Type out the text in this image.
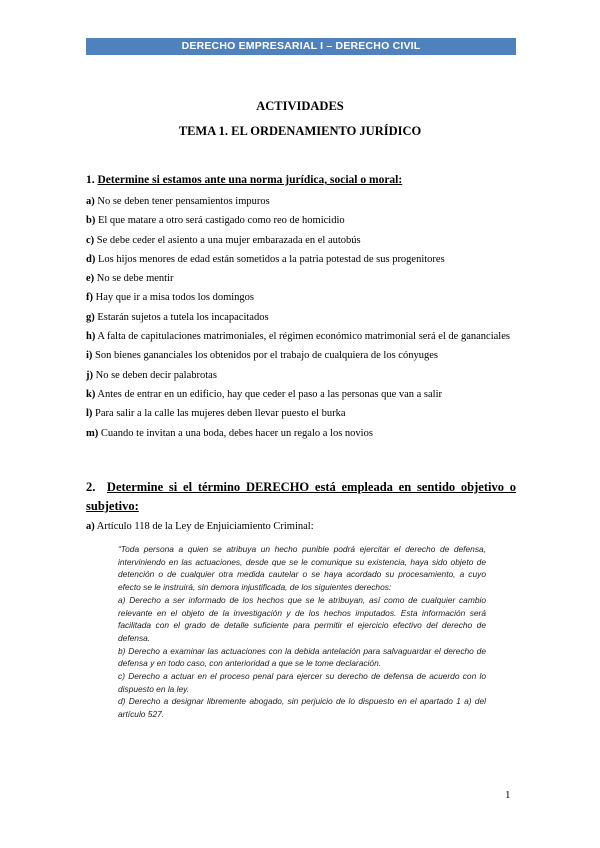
DERECHO EMPRESARIAL I – DERECHO CIVIL
ACTIVIDADES
TEMA 1. EL ORDENAMIENTO JURÍDICO
1. Determine si estamos ante una norma jurídica, social o moral:
a) No se deben tener pensamientos impuros
b) El que matare a otro será castigado como reo de homicidio
c) Se debe ceder el asiento a una mujer embarazada en el autobús
d) Los hijos menores de edad están sometidos a la patria potestad de sus progenitores
e) No se debe mentir
f) Hay que ir a misa todos los domingos
g) Estarán sujetos a tutela los incapacitados
h) A falta de capitulaciones matrimoniales, el régimen económico matrimonial será el de gananciales
i) Son bienes gananciales los obtenidos por el trabajo de cualquiera de los cónyuges
j) No se deben decir palabrotas
k) Antes de entrar en un edificio, hay que ceder el paso a las personas que van a salir
l) Para salir a la calle las mujeres deben llevar puesto el burka
m) Cuando te invitan a una boda, debes hacer un regalo a los novios
2. Determine si el término DERECHO está empleada en sentido objetivo o subjetivo:
a) Artículo 118 de la Ley de Enjuiciamiento Criminal:

“Toda persona a quien se atribuya un hecho punible podrá ejercitar el derecho de defensa, interviniendo en las actuaciones, desde que se le comunique su existencia, haya sido objeto de detención o de cualquier otra medida cautelar o se haya acordado su procesamiento, a cuyo efecto se le instruirá, sin demora injustificada, de los siguientes derechos:

a) Derecho a ser informado de los hechos que se le atribuyan, así como de cualquier cambio relevante en el objeto de la investigación y de los hechos imputados. Esta información será facilitada con el grado de detalle suficiente para permitir el ejercicio efectivo del derecho de defensa.

b) Derecho a examinar las actuaciones con la debida antelación para salvaguardar el derecho de defensa y en todo caso, con anterioridad a que se le tome declaración.

c) Derecho a actuar en el proceso penal para ejercer su derecho de defensa de acuerdo con lo dispuesto en la ley.

d) Derecho a designar libremente abogado, sin perjuicio de lo dispuesto en el apartado 1 a) del artículo 527.

1
